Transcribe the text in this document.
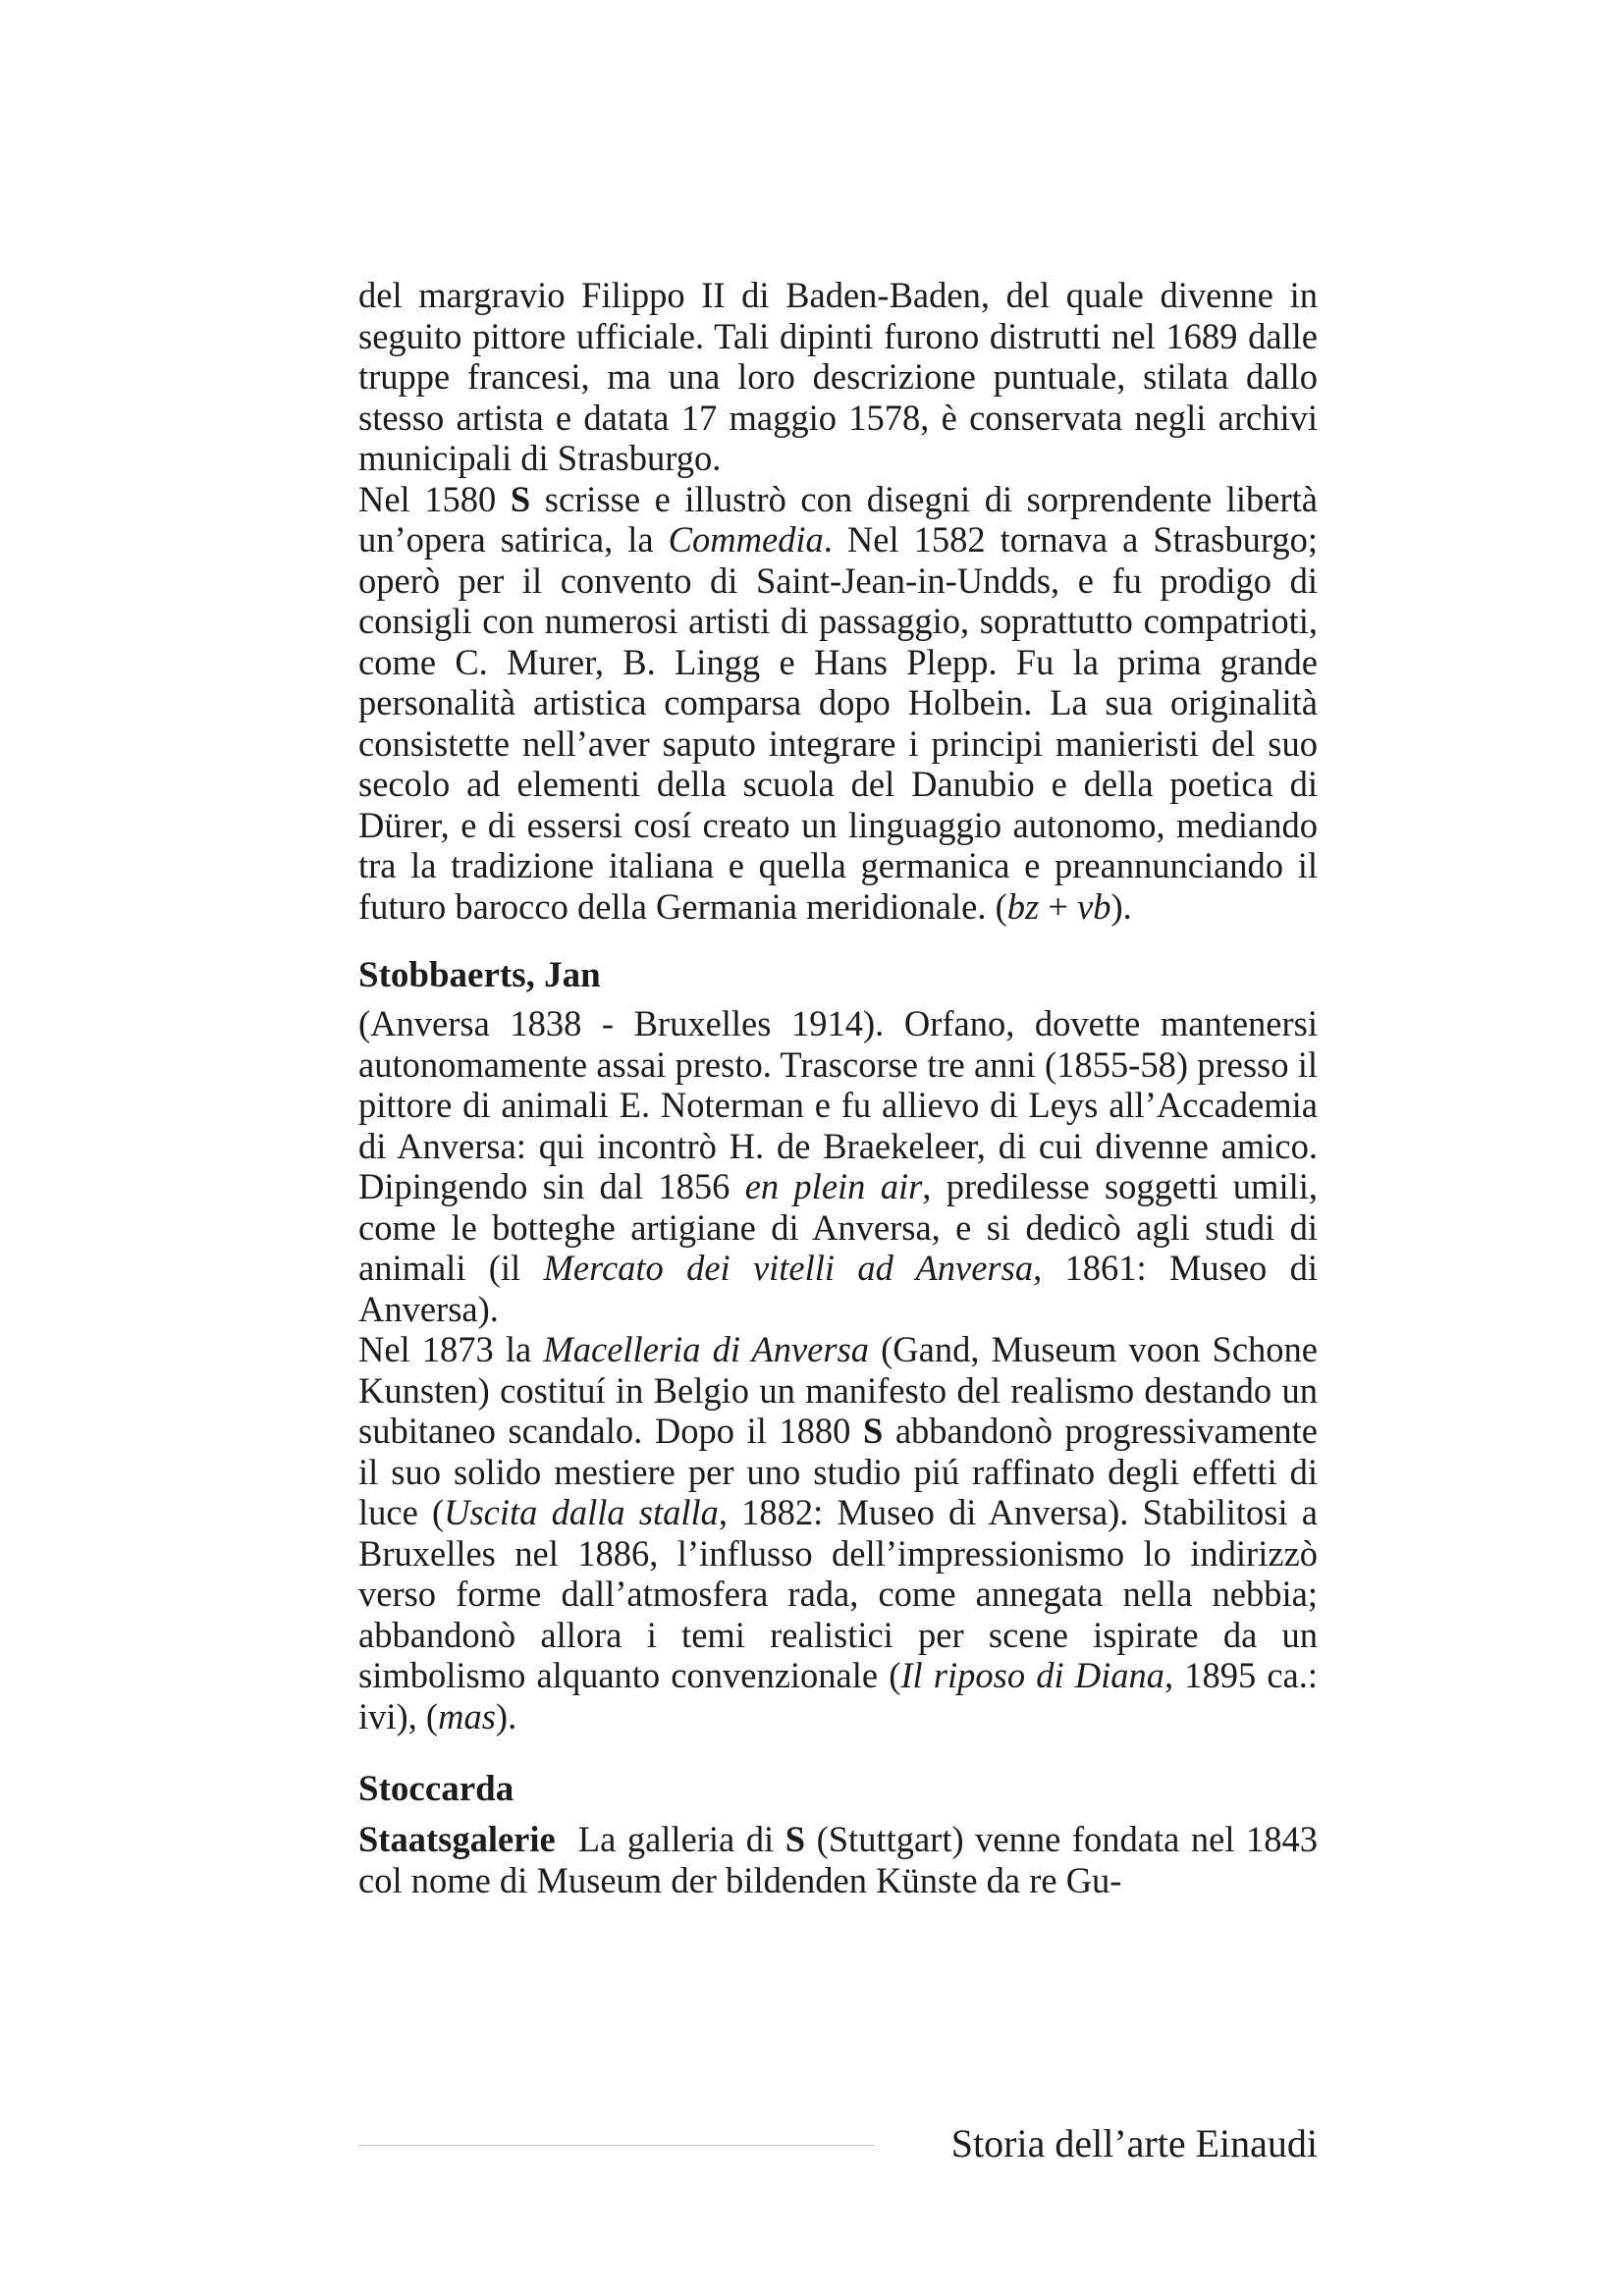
del margravio Filippo II di Baden-Baden, del quale divenne in seguito pittore ufficiale. Tali dipinti furono distrutti nel 1689 dalle truppe francesi, ma una loro descrizione puntuale, stilata dallo stesso artista e datata 17 maggio 1578, è conservata negli archivi municipali di Strasburgo.

Nel 1580 S scrisse e illustrò con disegni di sorprendente libertà un’opera satirica, la Commedia. Nel 1582 tornava a Strasburgo; operò per il convento di Saint-Jean-in-Undds, e fu prodigo di consigli con numerosi artisti di passaggio, soprattutto compatrioti, come C. Murer, B. Lingg e Hans Plepp. Fu la prima grande personalità artistica comparsa dopo Holbein. La sua originalità consistette nell’aver saputo integrare i principi manieristi del suo secolo ad elementi della scuola del Danubio e della poetica di Dürer, e di essersi cosí creato un linguaggio autonomo, mediando tra la tradizione italiana e quella germanica e preannunciando il futuro barocco della Germania meridionale. (bz + vb).

Stobbaerts, Jan

(Anversa 1838 - Bruxelles 1914). Orfano, dovette mantenersi autonomamente assai presto. Trascorse tre anni (1855-58) presso il pittore di animali E. Noterman e fu allievo di Leys all’Accademia di Anversa: qui incontrò H. de Braekeleer, di cui divenne amico. Dipingendo sin dal 1856 en plein air, predilesse soggetti umili, come le botteghe artigiane di Anversa, e si dedicò agli studi di animali (il Mercato dei vitelli ad Anversa, 1861: Museo di Anversa).

Nel 1873 la Macelleria di Anversa (Gand, Museum voon Schone Kunsten) costituí in Belgio un manifesto del realismo destando un subitaneo scandalo. Dopo il 1880 S abbandonò progressivamente il suo solido mestiere per uno studio piú raffinato degli effetti di luce (Uscita dalla stalla, 1882: Museo di Anversa). Stabilitosi a Bruxelles nel 1886, l’influsso dell’impressionismo lo indirizzò verso forme dall’atmosfera rada, come annegata nella nebbia; abbandonò allora i temi realistici per scene ispirate da un simbolismo alquanto convenzionale (Il riposo di Diana, 1895 ca.: ivi), (mas).

Stoccarda

Staatsgalerie  La galleria di S (Stuttgart) venne fondata nel 1843 col nome di Museum der bildenden Künste da re Gu-

Storia dell’arte Einaudi
